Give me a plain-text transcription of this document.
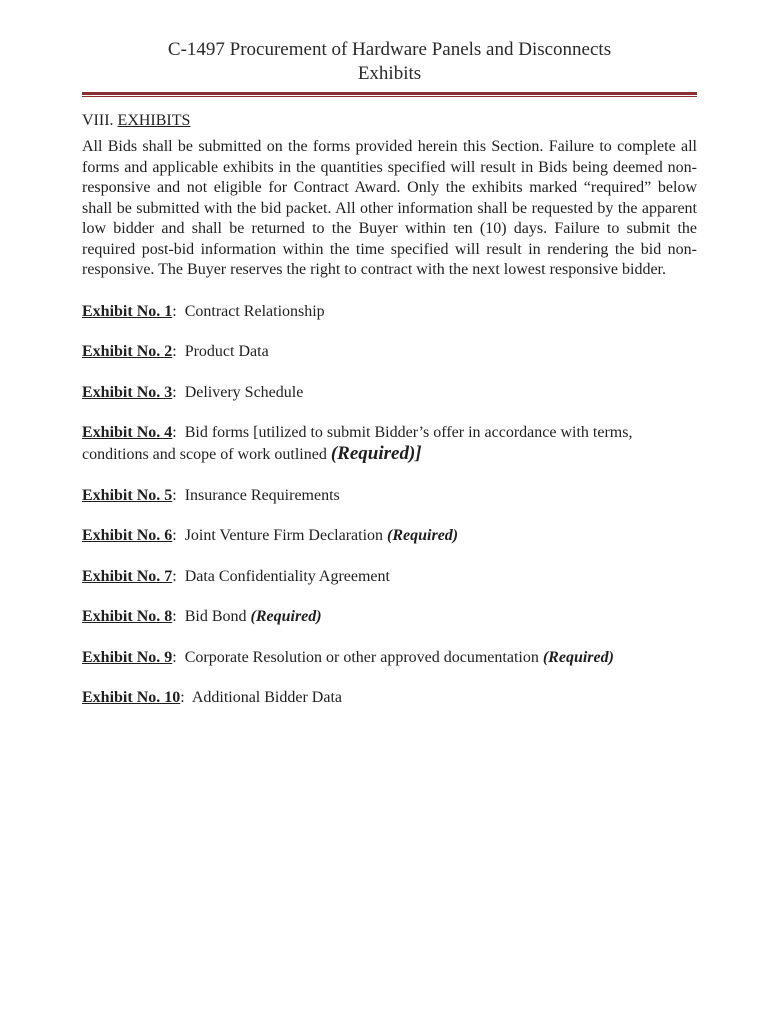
C-1497 Procurement of Hardware Panels and Disconnects
Exhibits
VIII. EXHIBITS
All Bids shall be submitted on the forms provided herein this Section. Failure to complete all forms and applicable exhibits in the quantities specified will result in Bids being deemed non-responsive and not eligible for Contract Award. Only the exhibits marked “required” below shall be submitted with the bid packet. All other information shall be requested by the apparent low bidder and shall be returned to the Buyer within ten (10) days. Failure to submit the required post-bid information within the time specified will result in rendering the bid non-responsive. The Buyer reserves the right to contract with the next lowest responsive bidder.
Exhibit No. 1:  Contract Relationship
Exhibit No. 2:  Product Data
Exhibit No. 3:  Delivery Schedule
Exhibit No. 4:  Bid forms [utilized to submit Bidder’s offer in accordance with terms, conditions and scope of work outlined (Required)]
Exhibit No. 5:  Insurance Requirements
Exhibit No. 6:  Joint Venture Firm Declaration (Required)
Exhibit No. 7:  Data Confidentiality Agreement
Exhibit No. 8:  Bid Bond (Required)
Exhibit No. 9:  Corporate Resolution or other approved documentation (Required)
Exhibit No. 10:  Additional Bidder Data
